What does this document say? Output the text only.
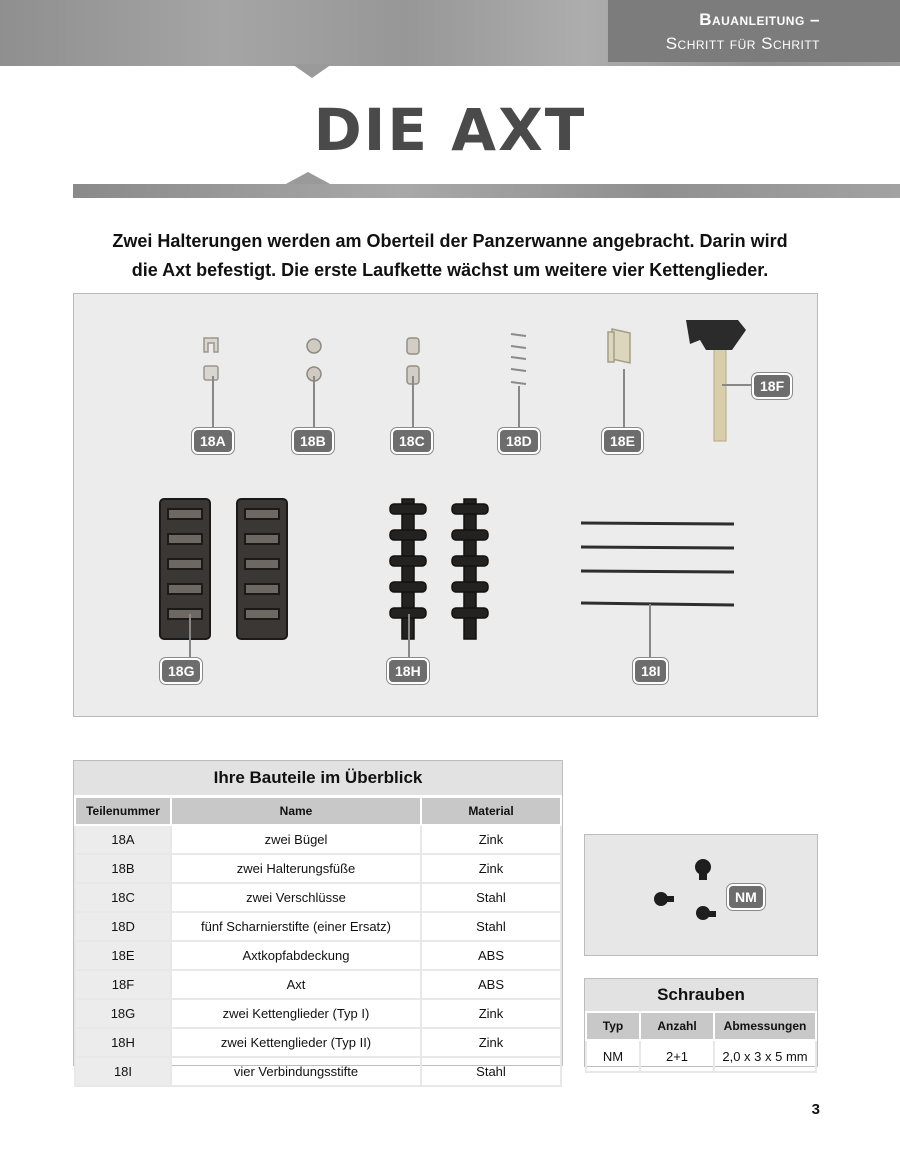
Bauanleitung –
Schritt für Schritt
DIE AXT
Zwei Halterungen werden am Oberteil der Panzerwanne angebracht. Darin wird
die Axt befestigt. Die erste Laufkette wächst um weitere vier Kettenglieder.
18A	18B	18C	18D	18E
18F
18G	18H	18I
Ihre Bauteile im Überblick
Teilenummer	Name	Material
18A	zwei Bügel	Zink
18B	zwei Halterungsfüße	Zink
18C	zwei Verschlüsse	Stahl
18D	fünf Scharnierstifte (einer Ersatz)	Stahl
18E	Axtkopfabdeckung	ABS
18F	Axt	ABS
18G	zwei Kettenglieder (Typ I)	Zink
18H	zwei Kettenglieder (Typ II)	Zink
18I	vier Verbindungsstifte	Stahl
NM
Schrauben
Typ	Anzahl	Abmessungen
NM	2+1	2,0 x 3 x 5 mm
3
